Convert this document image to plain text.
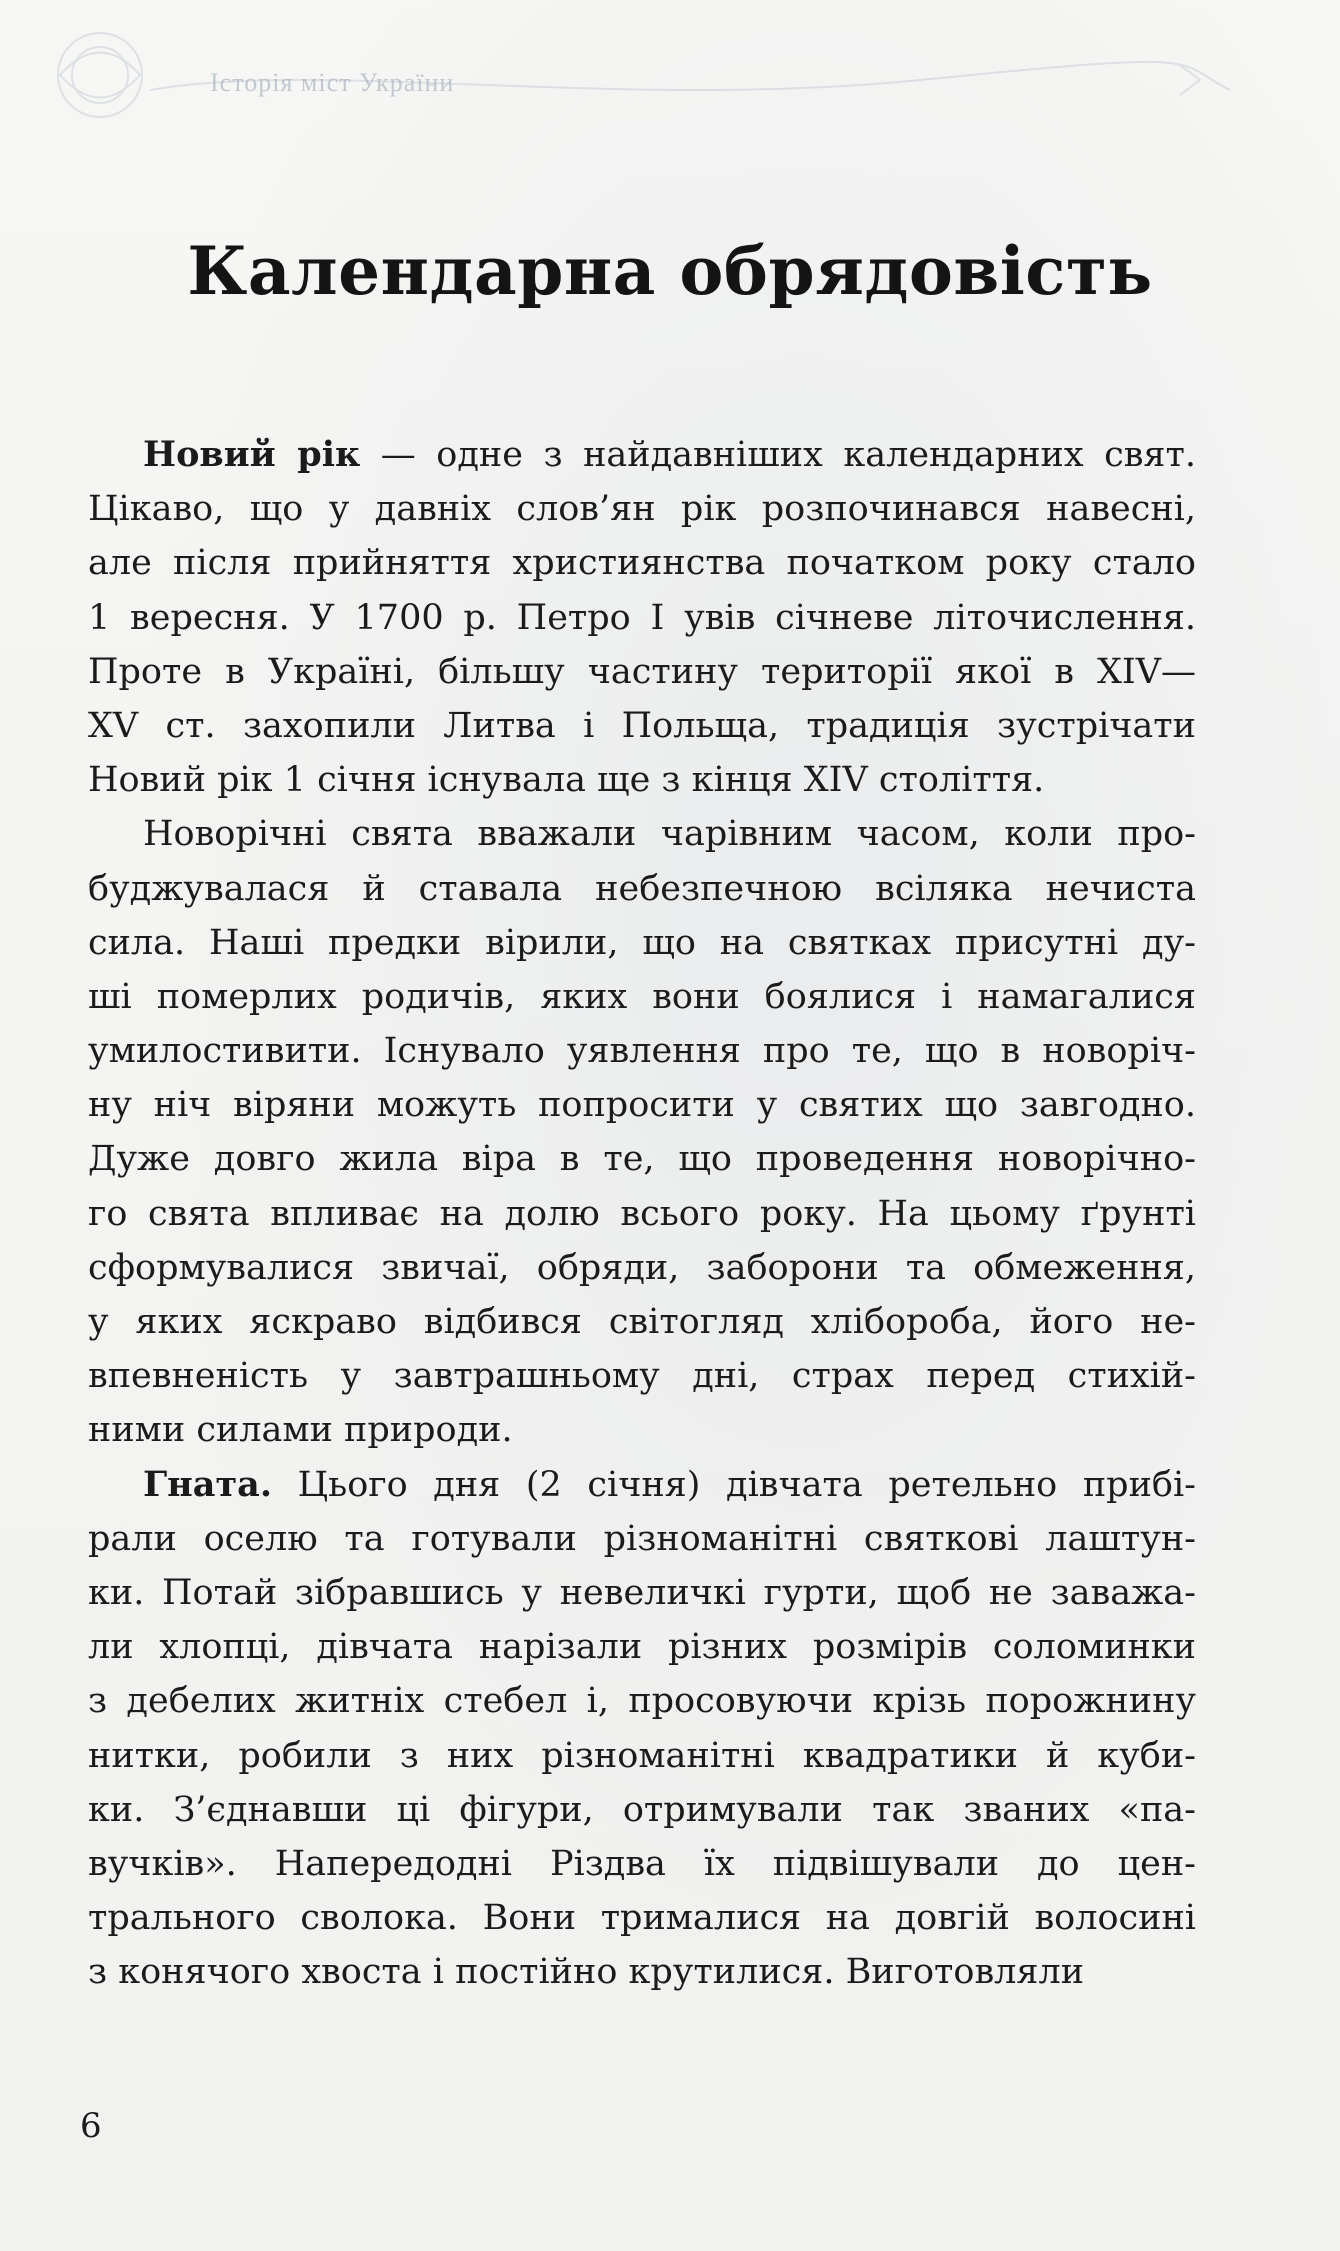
Історія міст України
Календарна обрядовість
Новий рік — одне з найдавніших календарних свят.
Цікаво, що у давніх слов’ян рік розпочинався навесні,
але після прийняття християнства початком року стало
1 вересня. У 1700 р. Петро I увів січневе літочислення.
Проте в Україні, більшу частину території якої в XIV—
XV ст. захопили Литва і Польща, традиція зустрічати
Новий рік 1 січня існувала ще з кінця XIV століття.
Новорічні свята вважали чарівним часом, коли про-
буджувалася й ставала небезпечною всіляка нечиста
сила. Наші предки вірили, що на святках присутні ду-
ші померлих родичів, яких вони боялися і намагалися
умилостивити. Існувало уявлення про те, що в новоріч-
ну ніч віряни можуть попросити у святих що завгодно.
Дуже довго жила віра в те, що проведення новорічно-
го свята впливає на долю всього року. На цьому ґрунті
сформувалися звичаї, обряди, заборони та обмеження,
у яких яскраво відбився світогляд хлібороба, його не-
впевненість у завтрашньому дні, страх перед стихій-
ними силами природи.
Гната. Цього дня (2 січня) дівчата ретельно прибі-
рали оселю та готували різноманітні святкові лаштун-
ки. Потай зібравшись у невеличкі гурти, щоб не заважа-
ли хлопці, дівчата нарізали різних розмірів соломинки
з дебелих житніх стебел і, просовуючи крізь порожнину
нитки, робили з них різноманітні квадратики й куби-
ки. З’єднавши ці фігури, отримували так званих «па-
вучків». Напередодні Різдва їх підвішували до цен-
трального сволока. Вони трималися на довгій волосині
з конячого хвоста і постійно крутилися. Виготовляли
6
